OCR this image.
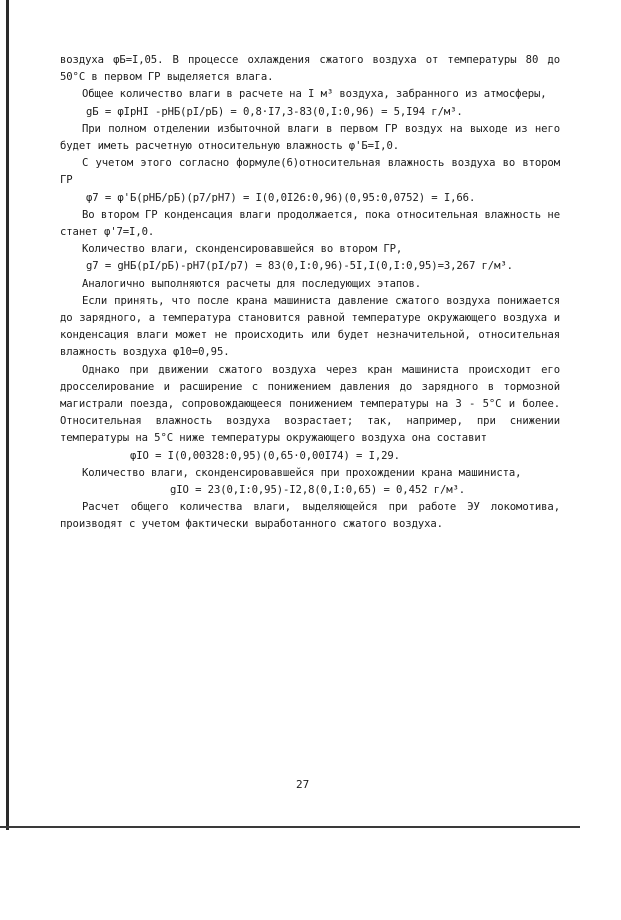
воздуха φБ=I,05. В процессе охлаждения сжатого воздуха от температуры 80 до 50°С в первом ГР выделяется влага.

Общее количество влаги в расчете на I м³ воздуха, забранного из атмосферы,

gБ = φIpHI -pHБ(pI/pБ) = 0,8·I7,3-83(0,I:0,96) = 5,I94 г/м³.

При полном отделении избыточной влаги в первом ГР воздух на выходе из него будет иметь расчетную относительную влажность φ'Б=I,0.

С учетом этого согласно формуле(6)относительная влажность воздуха во втором ГР

φ7 = φ'Б(pHБ/pБ)(p7/pH7) = I(0,0I26:0,96)(0,95:0,0752) = I,66.

Во втором ГР конденсация влаги продолжается, пока относительная влажность не станет φ'7=I,0.

Количество влаги, сконденсировавшейся во втором ГР,

g7 = gHБ(pI/pБ)-pH7(pI/p7) = 83(0,I:0,96)-5I,I(0,I:0,95)=3,267 г/м³.

Аналогично выполняются расчеты для последующих этапов.

Если принять, что после крана машиниста давление сжатого воздуха понижается до зарядного, а температура становится равной температуре окружающего воздуха и конденсация влаги может не происходить или будет незначительной, относительная влажность воздуха φ10=0,95.

Однако при движении сжатого воздуха через кран машиниста происходит его дросселирование и расширение с понижением давления до зарядного в тормозной магистрали поезда, сопровождающееся понижением температуры на 3 - 5°С и более. Относительная влажность воздуха возрастает; так, например, при снижении температуры на 5°С ниже температуры окружающего воздуха она составит

φIO = I(0,00328:0,95)(0,65·0,00I74) = I,29.

Количество влаги, сконденсировавшейся при прохождении крана машиниста,

gIO = 23(0,I:0,95)-I2,8(0,I:0,65) = 0,452 г/м³.

Расчет общего количества влаги, выделяющейся при работе ЭУ локомотива, производят с учетом фактически выработанного сжатого воздуха.

27
